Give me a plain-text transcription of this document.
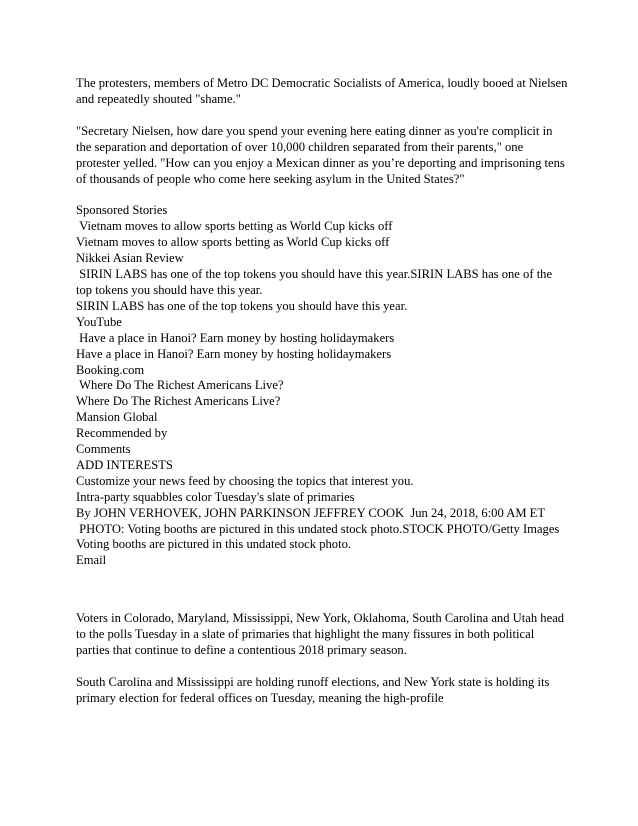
The protesters, members of Metro DC Democratic Socialists of America, loudly booed at Nielsen and repeatedly shouted "shame."

"Secretary Nielsen, how dare you spend your evening here eating dinner as you're complicit in the separation and deportation of over 10,000 children separated from their parents," one protester yelled. "How can you enjoy a Mexican dinner as you’re deporting and imprisoning tens of thousands of people who come here seeking asylum in the United States?"

Sponsored Stories
Vietnam moves to allow sports betting as World Cup kicks off
Vietnam moves to allow sports betting as World Cup kicks off
Nikkei Asian Review
SIRIN LABS has one of the top tokens you should have this year.SIRIN LABS has one of the top tokens you should have this year.
SIRIN LABS has one of the top tokens you should have this year.
YouTube
Have a place in Hanoi? Earn money by hosting holidaymakers
Have a place in Hanoi? Earn money by hosting holidaymakers
Booking.com
Where Do The Richest Americans Live?
Where Do The Richest Americans Live?
Mansion Global
Recommended by
Comments
ADD INTERESTS
Customize your news feed by choosing the topics that interest you.
Intra-party squabbles color Tuesday's slate of primaries
By JOHN VERHOVEK, JOHN PARKINSON JEFFREY COOK  Jun 24, 2018, 6:00 AM ET
PHOTO: Voting booths are pictured in this undated stock photo.STOCK PHOTO/Getty Images
Voting booths are pictured in this undated stock photo.
Email

Voters in Colorado, Maryland, Mississippi, New York, Oklahoma, South Carolina and Utah head to the polls Tuesday in a slate of primaries that highlight the many fissures in both political parties that continue to define a contentious 2018 primary season.

South Carolina and Mississippi are holding runoff elections, and New York state is holding its primary election for federal offices on Tuesday, meaning the high-profile
